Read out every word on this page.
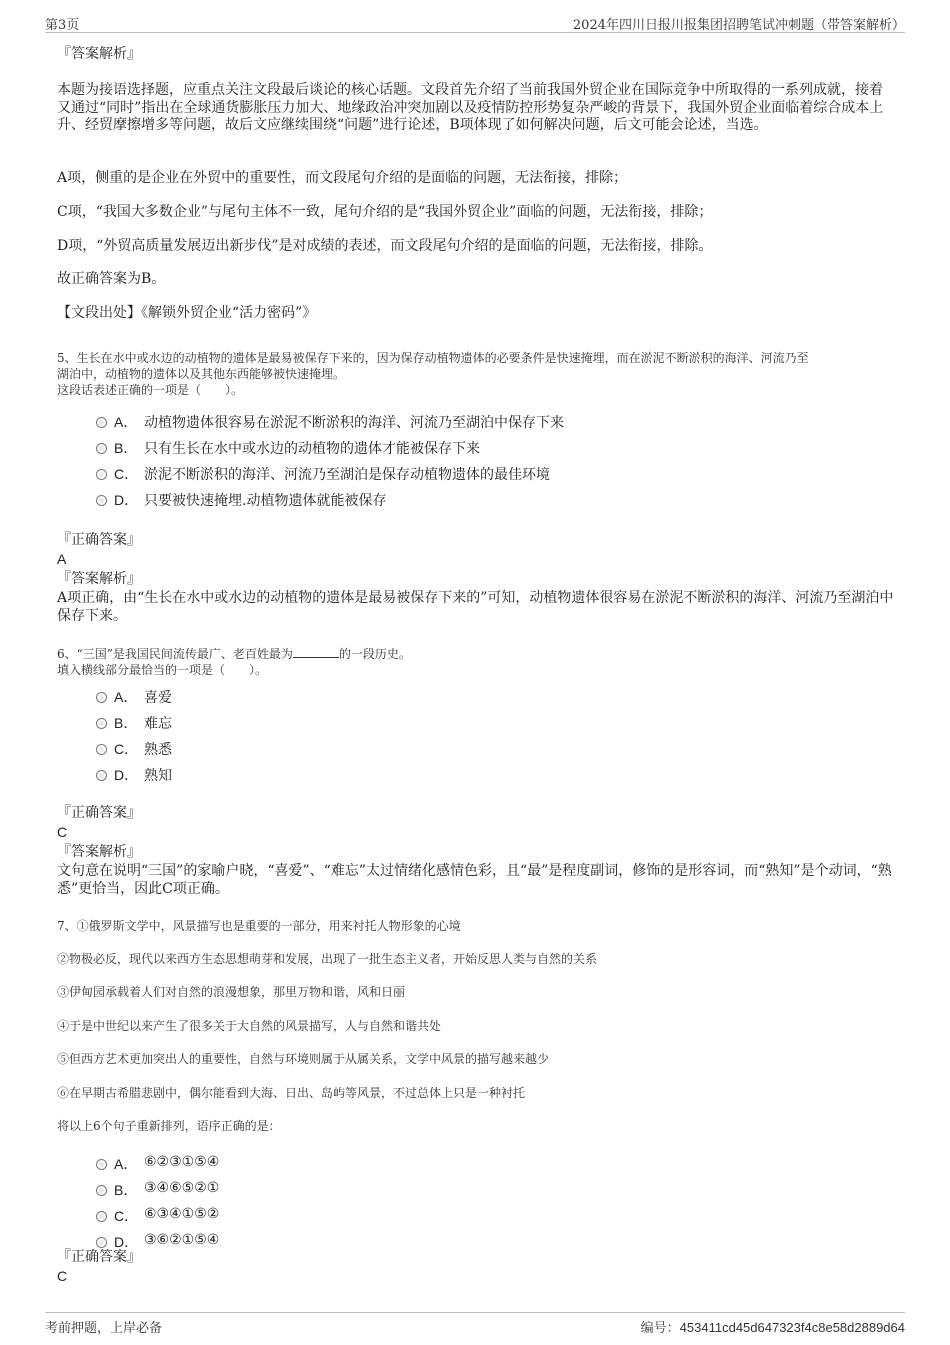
第3页	2024年四川日报川报集团招聘笔试冲刺题（带答案解析）
『答案解析』

本题为接语选择题，应重点关注文段最后谈论的核心话题。文段首先介绍了当前我国外贸企业在国际竞争中所取得的一系列成就，接着又通过“同时”指出在全球通货膨胀压力加大、地缘政治冲突加剧以及疫情防控形势复杂严峻的背景下，我国外贸企业面临着综合成本上升、经贸摩擦增多等问题，故后文应继续围绕“问题”进行论述，B项体现了如何解决问题，后文可能会论述，当选。

A项，侧重的是企业在外贸中的重要性，而文段尾句介绍的是面临的问题，无法衔接，排除；

C项，“我国大多数企业”与尾句主体不一致，尾句介绍的是“我国外贸企业”面临的问题，无法衔接，排除；

D项，“外贸高质量发展迈出新步伐”是对成绩的表述，而文段尾句介绍的是面临的问题，无法衔接，排除。

故正确答案为B。

【文段出处】《解锁外贸企业“活力密码”》

5、生长在水中或水边的动植物的遗体是最易被保存下来的，因为保存动植物遗体的必要条件是快速掩埋，而在淤泥不断淤积的海洋、河流乃至
湖泊中，动植物的遗体以及其他东西能够被快速掩埋。
这段话表述正确的一项是（　　）。
A． 动植物遗体很容易在淤泥不断淤积的海洋、河流乃至湖泊中保存下来
B． 只有生长在水中或水边的动植物的遗体才能被保存下来
C． 淤泥不断淤积的海洋、河流乃至湖泊是保存动植物遗体的最佳环境
D． 只要被快速掩埋.动植物遗体就能被保存
『正确答案』
A
『答案解析』

A项正确，由“生长在水中或水边的动植物的遗体是最易被保存下来的”可知，动植物遗体很容易在淤泥不断淤积的海洋、河流乃至湖泊中保存下来。

6、“三国”是我国民间流传最广、老百姓最为	的一段历史。
填入横线部分最恰当的一项是（　　）。
A． 喜爱
B． 难忘
C． 熟悉
D． 熟知
『正确答案』
C
『答案解析』

文句意在说明“三国”的家喻户晓，“喜爱”、“难忘”太过情绪化感情色彩，且“最”是程度副词，修饰的是形容词，而“熟知”是个动词，“熟悉”更恰当，因此C项正确。

7、①俄罗斯文学中，风景描写也是重要的一部分，用来衬托人物形象的心境
②物极必反，现代以来西方生态思想萌芽和发展，出现了一批生态主义者，开始反思人类与自然的关系
③伊甸园承载着人们对自然的浪漫想象，那里万物和谐，风和日丽
④于是中世纪以来产生了很多关于大自然的风景描写，人与自然和谐共处
⑤但西方艺术更加突出人的重要性，自然与环境则属于从属关系，文学中风景的描写越来越少
⑥在早期古希腊悲剧中，偶尔能看到大海、日出、岛屿等风景，不过总体上只是一种衬托
将以上6个句子重新排列，语序正确的是：
A． ⑥②③①⑤④
B． ③④⑥⑤②①
C． ⑥③④①⑤②
D． ③⑥②①⑤④
『正确答案』
C
考前押题，上岸必备	编号：453411cd45d647323f4c8e58d2889d64
